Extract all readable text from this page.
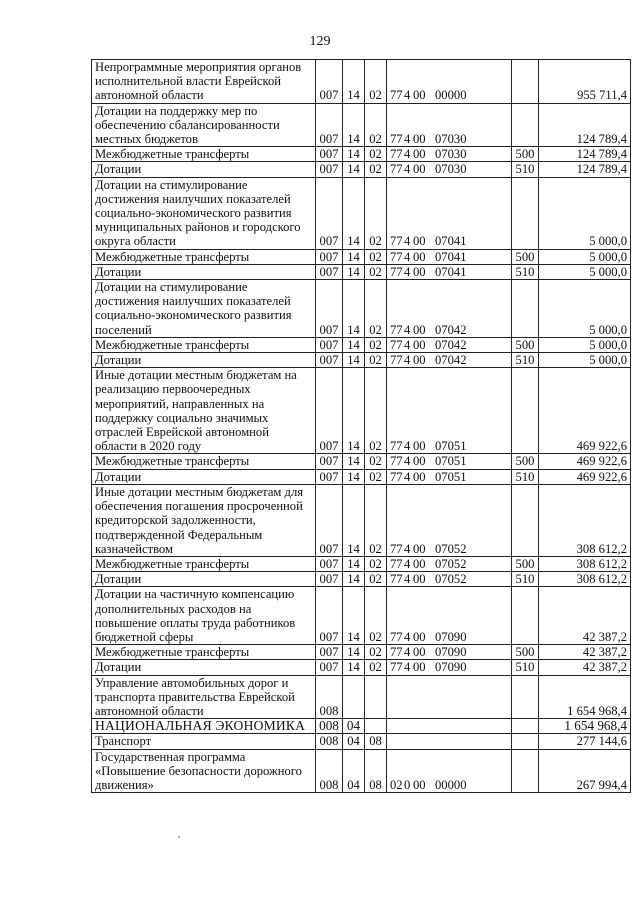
129
Непрограммные мероприятия органов исполнительной власти Еврейской автономной области	007	14	02	774 00 00000		955 711,4
Дотации на поддержку мер по обеспечению сбалансированности местных бюджетов	007	14	02	774 00 07030		124 789,4
Межбюджетные трансферты	007	14	02	774 00 07030	500	124 789,4
Дотации	007	14	02	774 00 07030	510	124 789,4
Дотации на стимулирование достижения наилучших показателей социально-экономического развития муниципальных районов и городского округа области	007	14	02	774 00 07041		5 000,0
Межбюджетные трансферты	007	14	02	774 00 07041	500	5 000,0
Дотации	007	14	02	774 00 07041	510	5 000,0
Дотации на стимулирование достижения наилучших показателей социально-экономического развития поселений	007	14	02	774 00 07042		5 000,0
Межбюджетные трансферты	007	14	02	774 00 07042	500	5 000,0
Дотации	007	14	02	774 00 07042	510	5 000,0
Иные дотации местным бюджетам на реализацию первоочередных мероприятий, направленных на поддержку социально значимых отраслей Еврейской автономной области в 2020 году	007	14	02	774 00 07051		469 922,6
Межбюджетные трансферты	007	14	02	774 00 07051	500	469 922,6
Дотации	007	14	02	774 00 07051	510	469 922,6
Иные дотации местным бюджетам для обеспечения погашения просроченной кредиторской задолженности, подтвержденной Федеральным казначейством	007	14	02	774 00 07052		308 612,2
Межбюджетные трансферты	007	14	02	774 00 07052	500	308 612,2
Дотации	007	14	02	774 00 07052	510	308 612,2
Дотации на частичную компенсацию дополнительных расходов на повышение оплаты труда работников бюджетной сферы	007	14	02	774 00 07090		42 387,2
Межбюджетные трансферты	007	14	02	774 00 07090	500	42 387,2
Дотации	007	14	02	774 00 07090	510	42 387,2
Управление автомобильных дорог и транспорта правительства Еврейской автономной области	008					1 654 968,4
НАЦИОНАЛЬНАЯ ЭКОНОМИКА	008	04				1 654 968,4
Транспорт	008	04	08			277 144,6
Государственная программа «Повышение безопасности дорожного движения»	008	04	08	020 00 00000		267 994,4
